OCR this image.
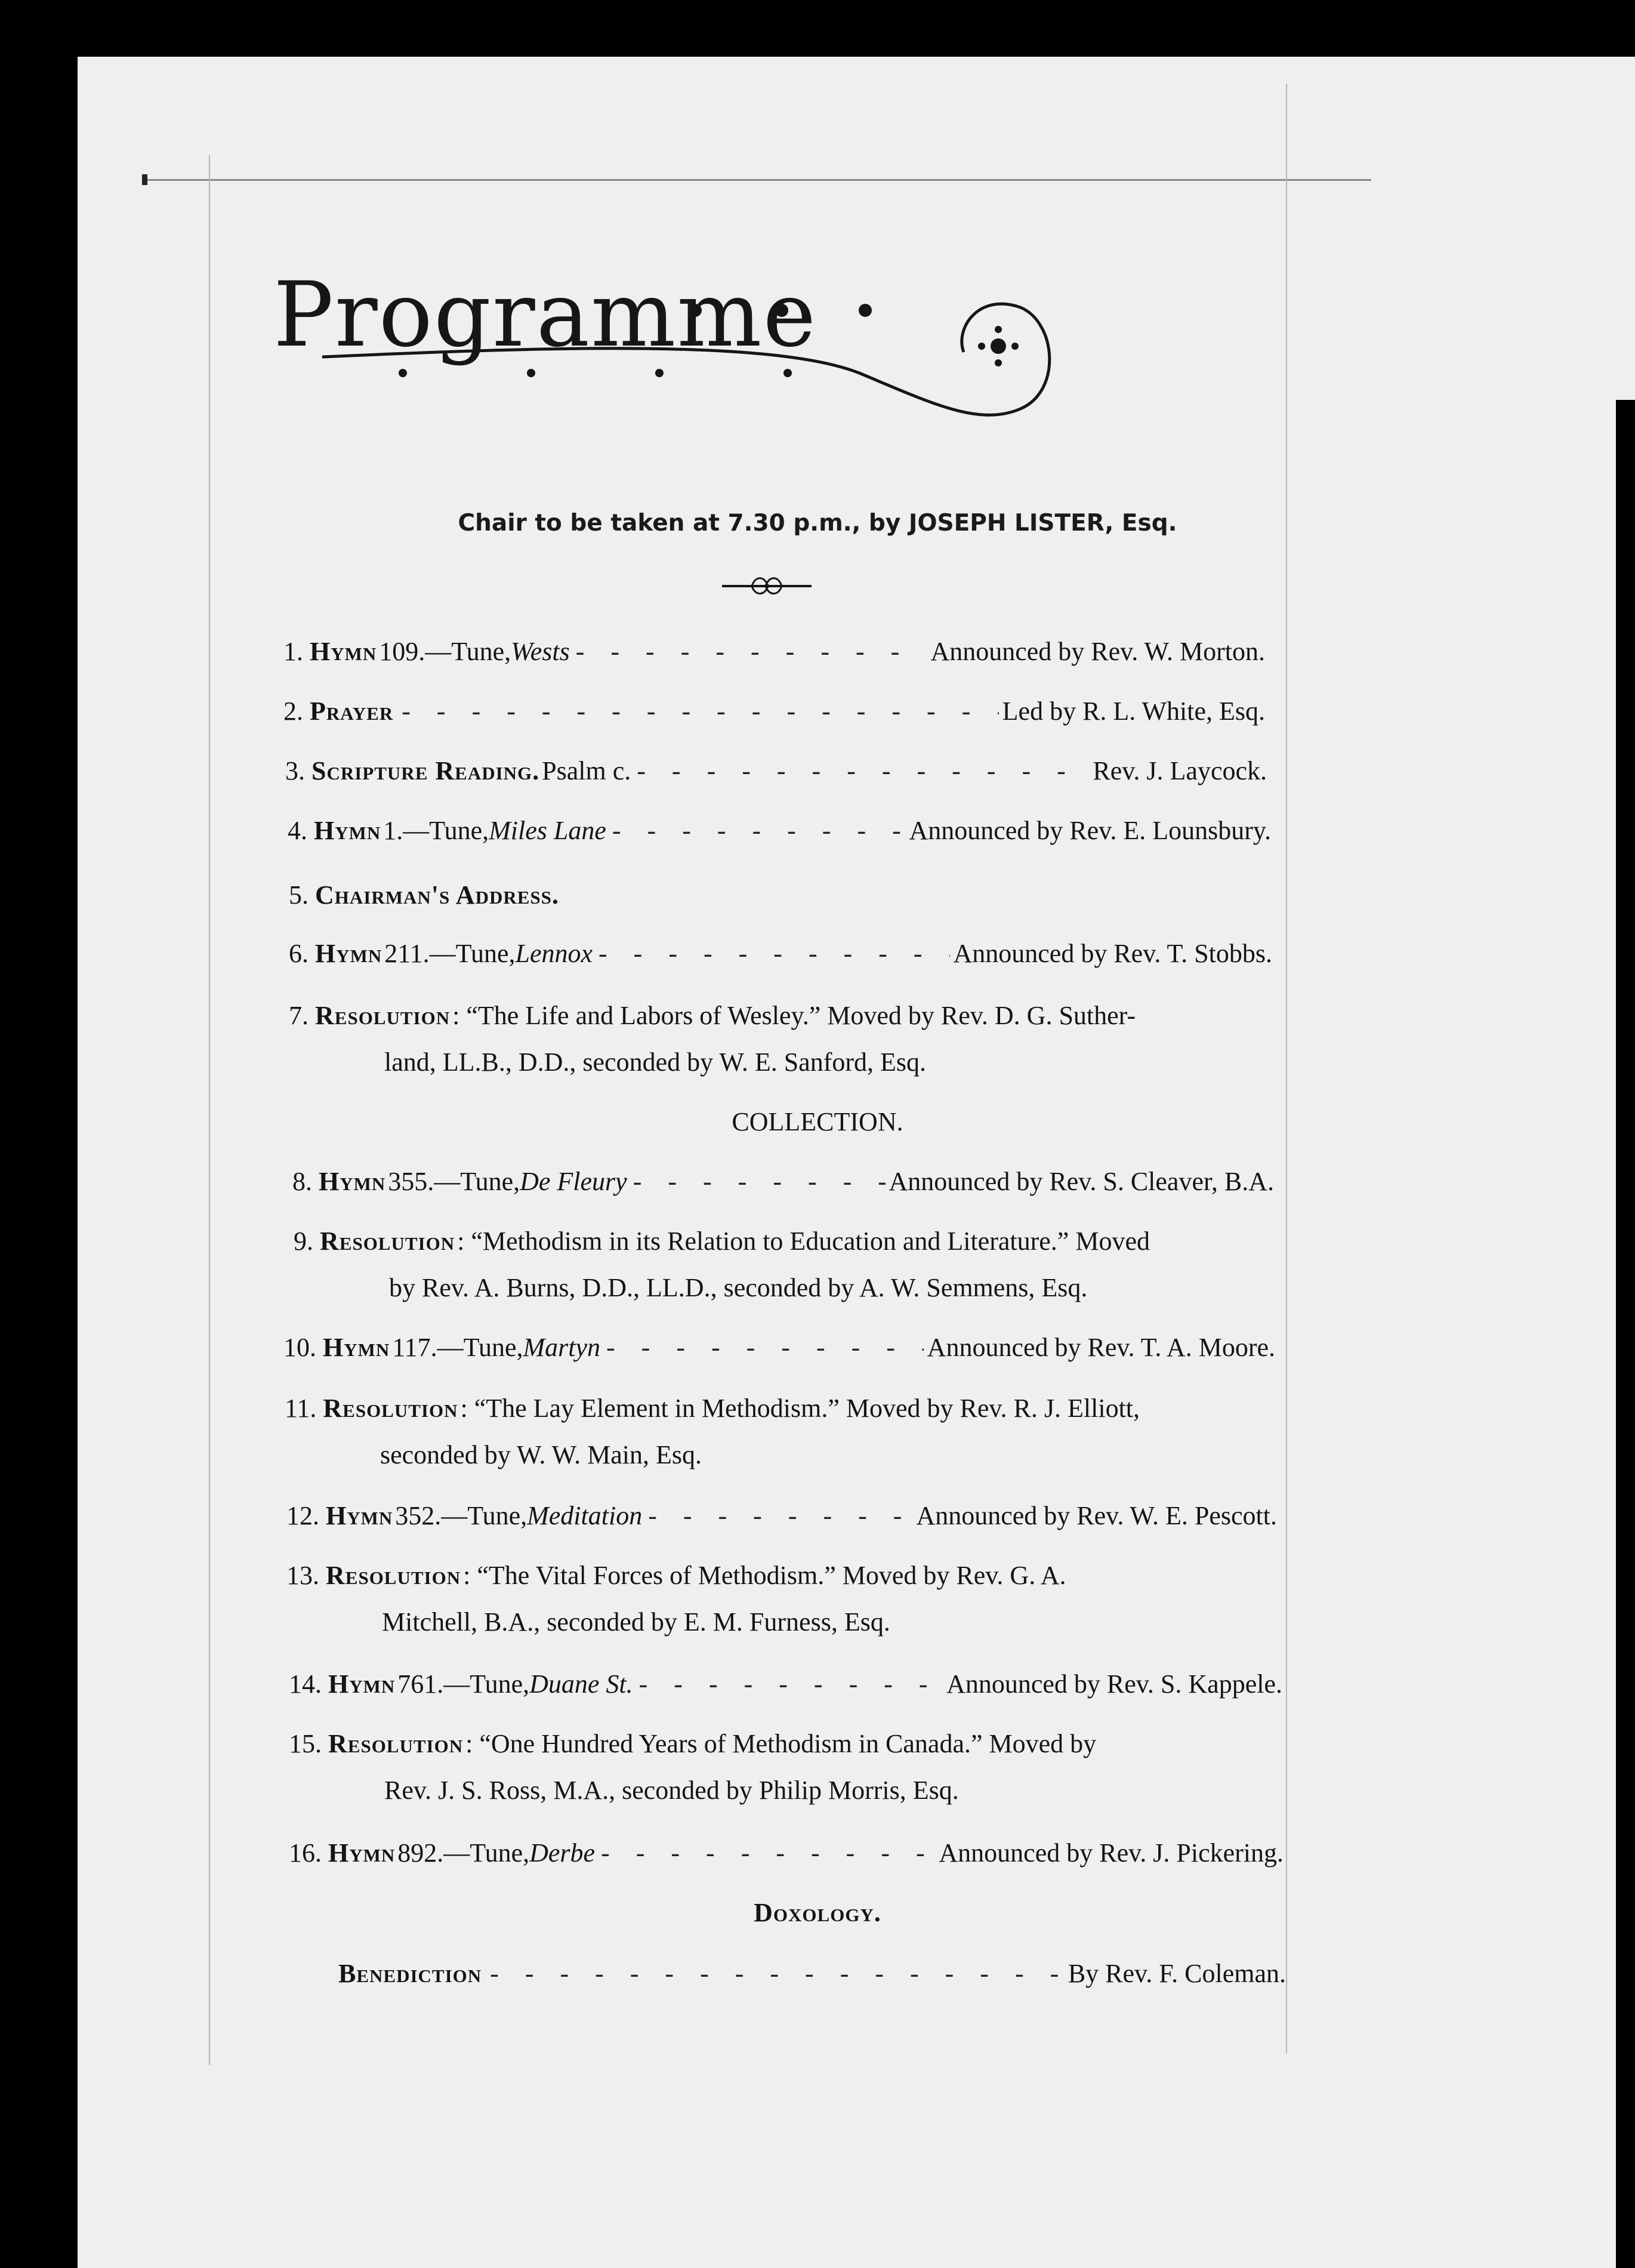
Programme
Chair to be taken at 7.30 p.m., by JOSEPH LISTER, Esq.
1.
Hymn 109.—Tune, Wests -	Announced by Rev. W. Morton.
2.
Prayer -	Led by R. L. White, Esq.
3.
Scripture Reading. Psalm c. -	Rev. J. Laycock.
4.
Hymn 1.—Tune, Miles Lane -	Announced by Rev. E. Lounsbury.
5.
Chairman's Address.
6.
Hymn 211.—Tune, Lennox -	Announced by Rev. T. Stobbs.
7.
Resolution : “The Life and Labors of Wesley.” Moved by Rev. D. G. Suther-
land, LL.B., D.D., seconded by W. E. Sanford, Esq.
COLLECTION.
8.
Hymn 355.—Tune, De Fleury -	Announced by Rev. S. Cleaver, B.A.
9.
Resolution : “Methodism in its Relation to Education and Literature.” Moved
by Rev. A. Burns, D.D., LL.D., seconded by A. W. Semmens, Esq.
10.
Hymn 117.—Tune, Martyn -	Announced by Rev. T. A. Moore.
11.
Resolution : “The Lay Element in Methodism.” Moved by Rev. R. J. Elliott,
seconded by W. W. Main, Esq.
12.
Hymn 352.—Tune, Meditation -	Announced by Rev. W. E. Pescott.
13.
Resolution : “The Vital Forces of Methodism.” Moved by Rev. G. A.
Mitchell, B.A., seconded by E. M. Furness, Esq.
14.
Hymn 761.—Tune, Duane St. -	Announced by Rev. S. Kappele.
15.
Resolution : “One Hundred Years of Methodism in Canada.” Moved by
Rev. J. S. Ross, M.A., seconded by Philip Morris, Esq.
16.
Hymn 892.—Tune, Derbe -	Announced by Rev. J. Pickering.
Doxology.
Benediction -	By Rev. F. Coleman.
